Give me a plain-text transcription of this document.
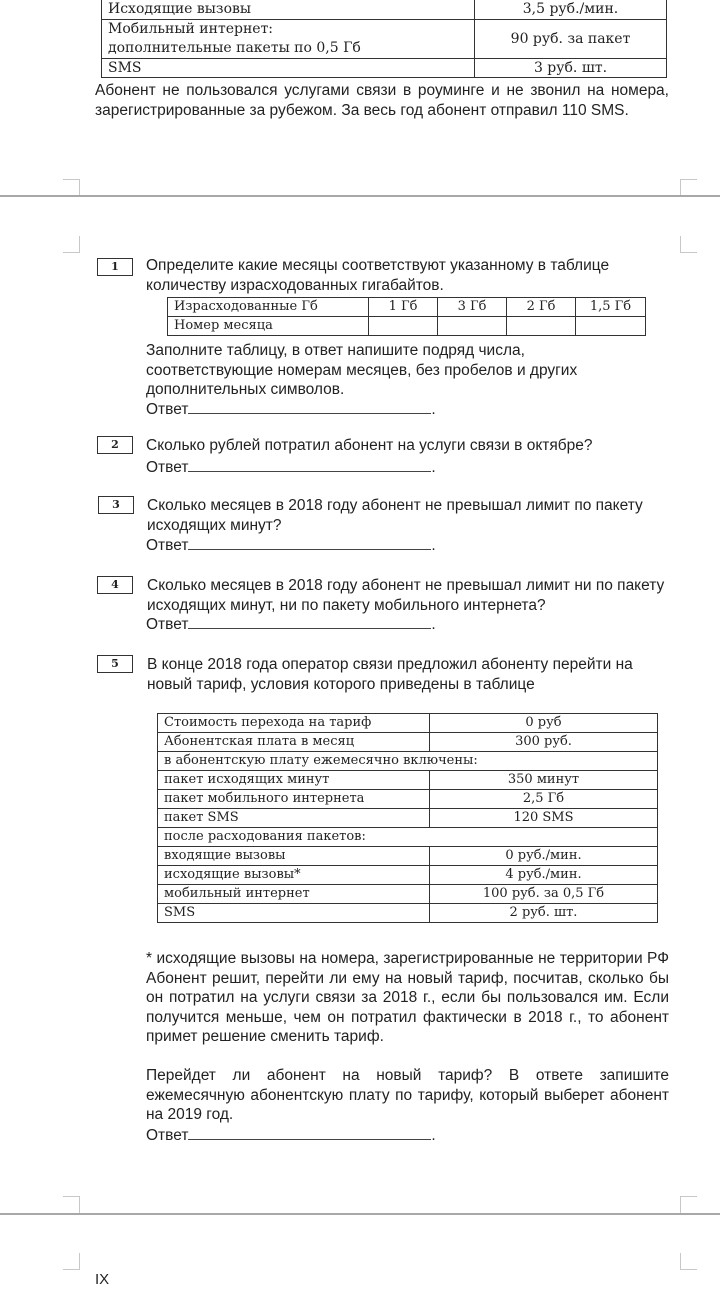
Исходящие вызовы	3,5 руб./мин.

Мобильный интернет:
дополнительные пакеты по 0,5 Гб	90 руб. за пакет
SMS	3 руб. шт.
Абонент не пользовался услугами связи в роуминге и не звонил на номера, зарегистрированные за рубежом. За весь год абонент отправил 110 SMS.
1	Определите какие месяцы соответствуют указанному в таблице количеству израсходованных гигабайтов.
Израсходованные Гб	1 Гб	3 Гб	2 Гб	1,5 Гб
Номер месяца				
Заполните таблицу, в ответ напишите подряд числа, соответствующие номерам месяцев, без пробелов и других дополнительных символов.
Ответ	.
2	Сколько рублей потратил абонент на услуги связи в октябре?
Ответ	.
3	Сколько месяцев в 2018 году абонент не превышал лимит по пакету исходящих минут?
Ответ	.
4	Сколько месяцев в 2018 году абонент не превышал лимит ни по пакету исходящих минут, ни по пакету мобильного интернета?
Ответ	.
5	В конце 2018 года оператор связи предложил абоненту перейти на новый тариф, условия которого приведены в таблице
Стоимость перехода на тариф	0 руб
Абонентская плата в месяц	300 руб.
в абонентскую плату ежемесячно включены:	
пакет исходящих минут	350 минут
пакет мобильного интернета	2,5 Гб
пакет SMS	120 SMS
после расходования пакетов:	
входящие вызовы	0 руб./мин.
исходящие вызовы*	4 руб./мин.
мобильный интернет	100 руб. за 0,5 Гб
SMS	2 руб. шт.
* исходящие вызовы на номера, зарегистрированные не территории РФ Абонент решит, перейти ли ему на новый тариф, посчитав, сколько бы он потратил на услуги связи за 2018 г., если бы пользовался им. Если получится меньше, чем он потратил фактически в 2018 г., то абонент примет решение сменить тариф.
Перейдет ли абонент на новый тариф? В ответе запишите ежемесячную абонентскую плату по тарифу, который выберет абонент на 2019 год.
Ответ	.
IX
